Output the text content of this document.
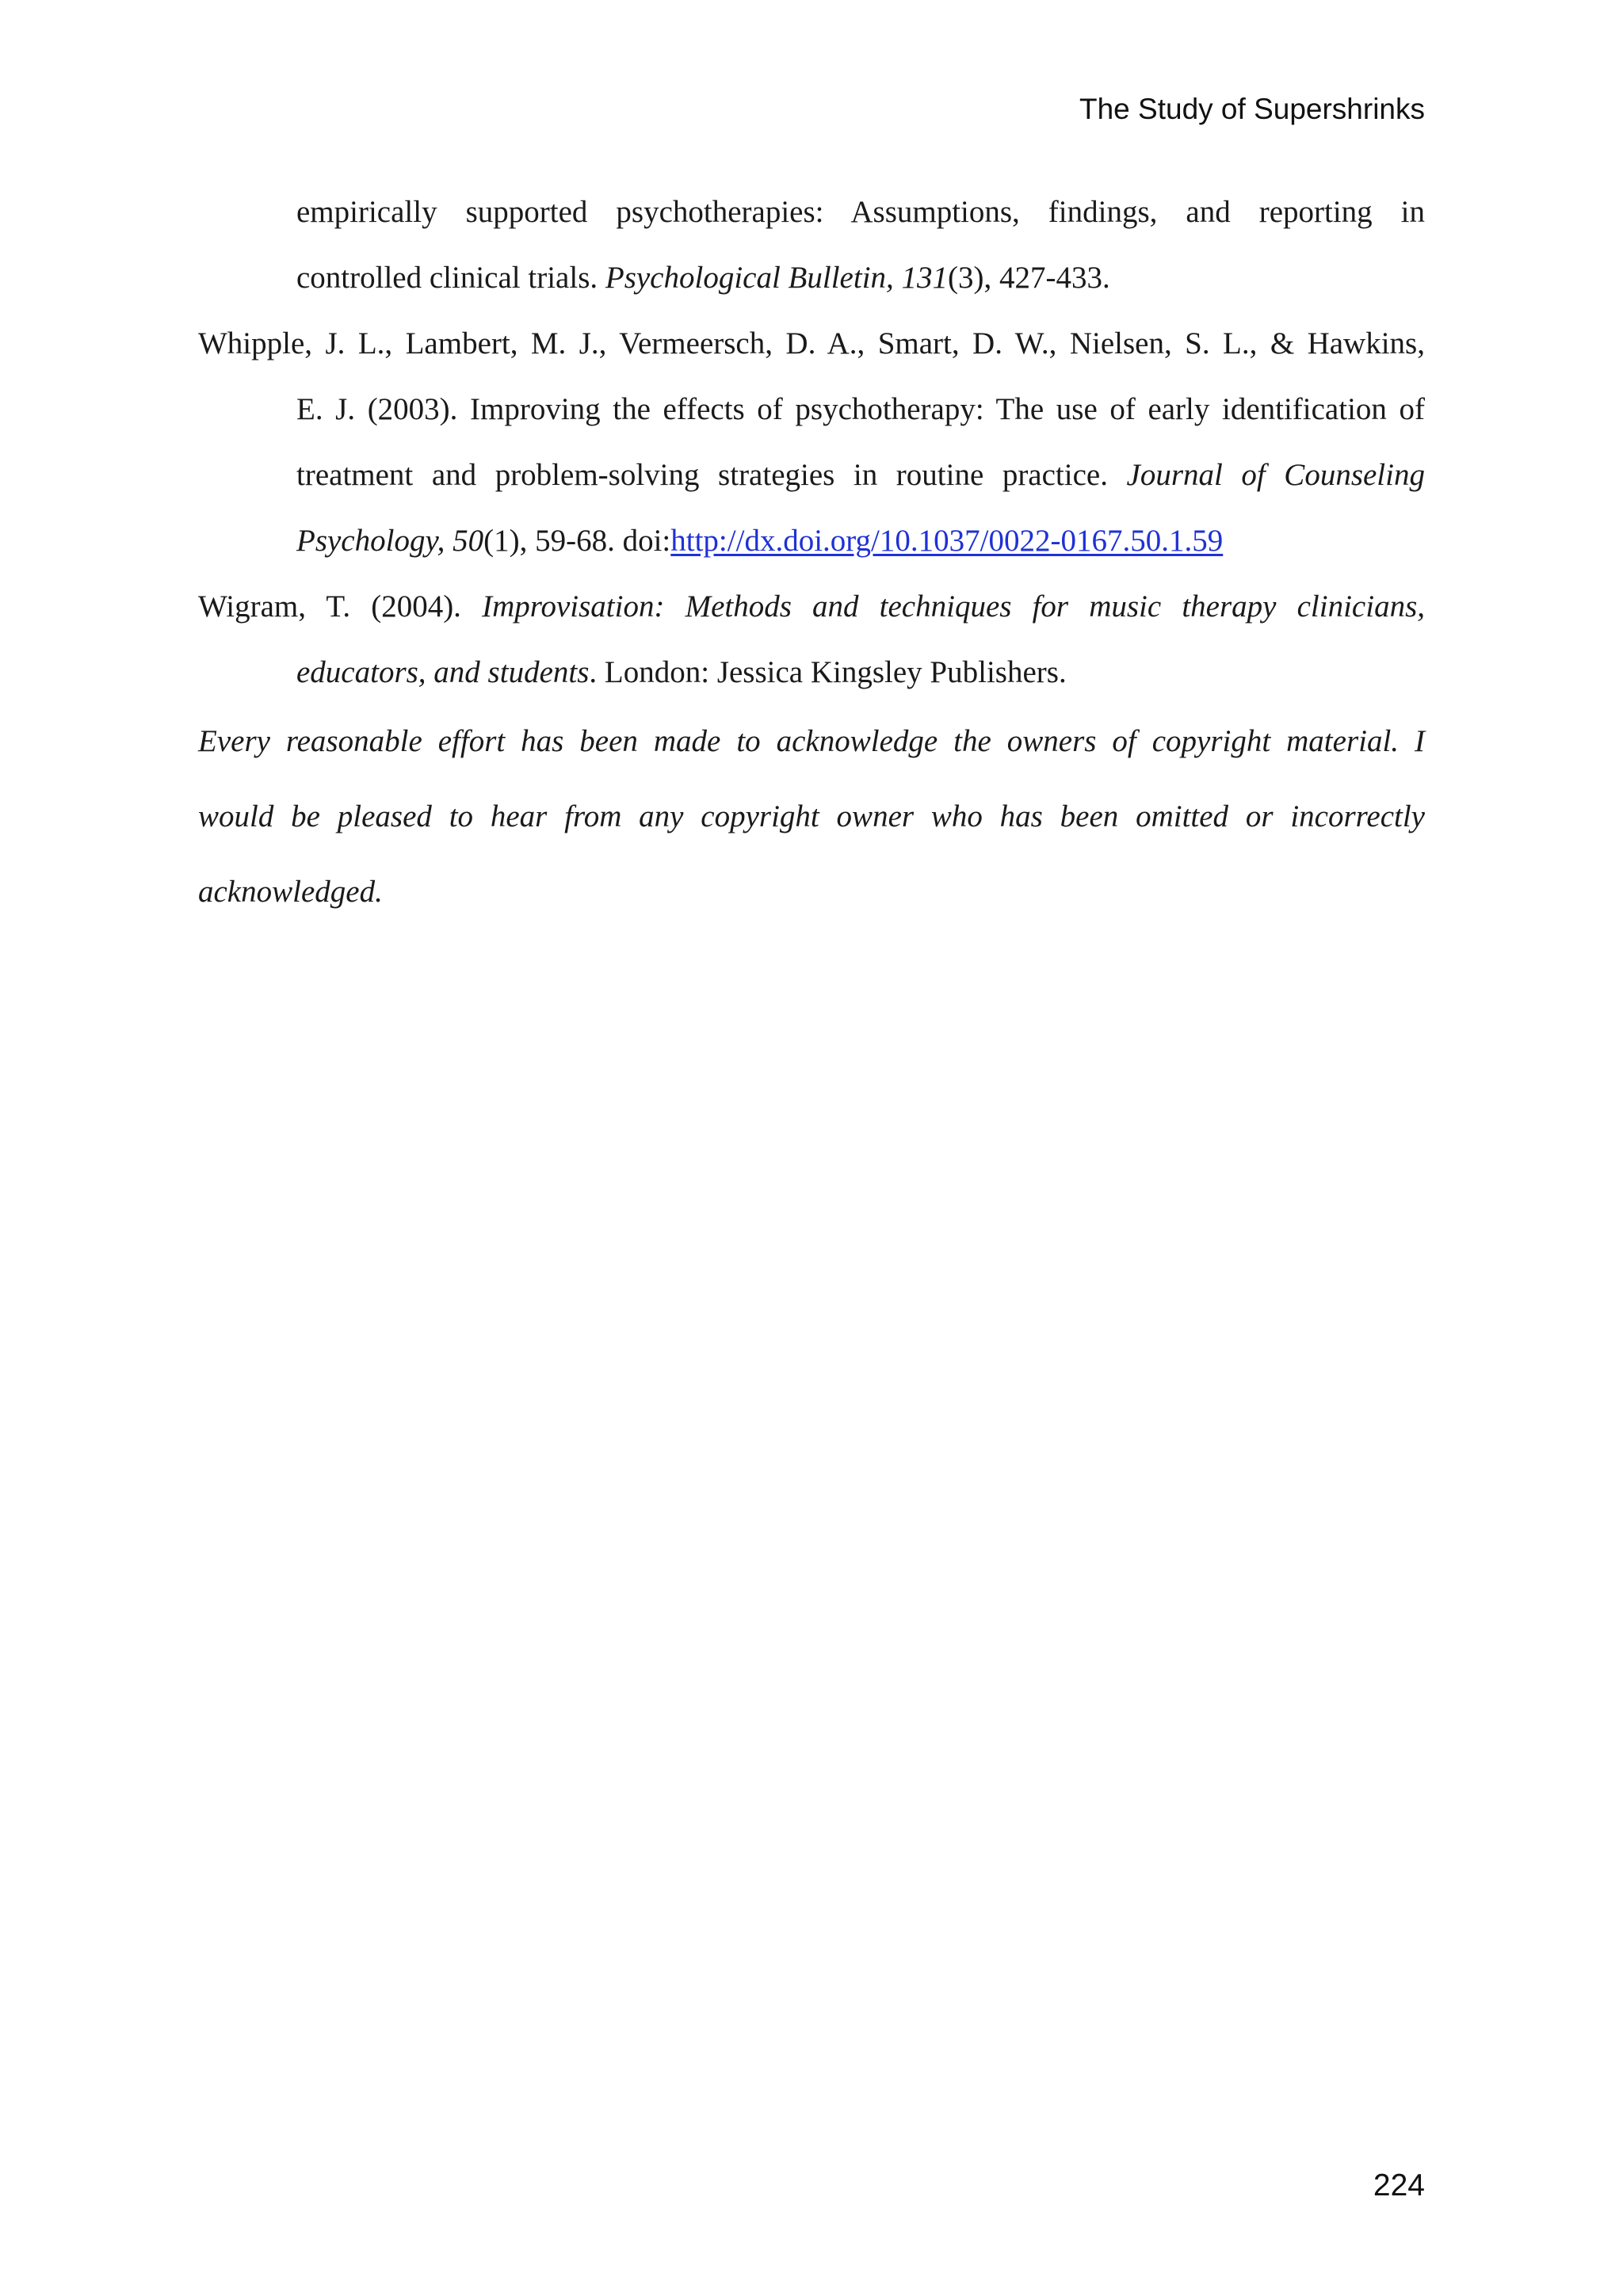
The Study of Supershrinks
empirically supported psychotherapies: Assumptions, findings, and reporting in
controlled clinical trials. Psychological Bulletin, 131(3), 427-433.
Whipple, J. L., Lambert, M. J., Vermeersch, D. A., Smart, D. W., Nielsen, S. L., & Hawkins,
E. J. (2003). Improving the effects of psychotherapy: The use of early identification of
treatment and problem-solving strategies in routine practice. Journal of Counseling
Psychology, 50(1), 59-68. doi:http://dx.doi.org/10.1037/0022-0167.50.1.59
Wigram, T. (2004). Improvisation: Methods and techniques for music therapy clinicians,
educators, and students. London: Jessica Kingsley Publishers.
Every reasonable effort has been made to acknowledge the owners of copyright material. I
would be pleased to hear from any copyright owner who has been omitted or incorrectly
acknowledged.
224
